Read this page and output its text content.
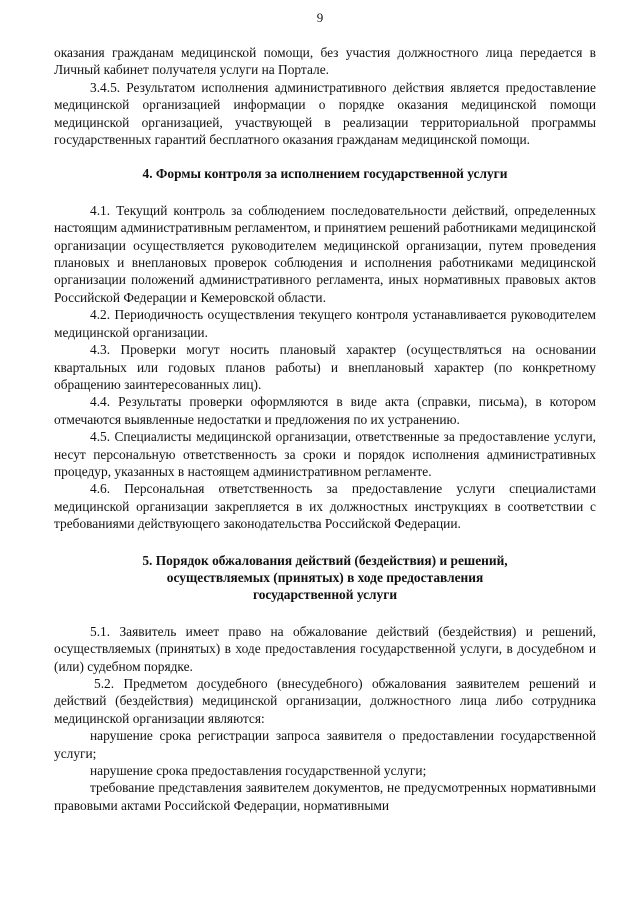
9

оказания гражданам медицинской помощи, без участия должностного лица передается в Личный кабинет получателя услуги на Портале.

3.4.5. Результатом исполнения административного действия является предоставление медицинской организацией информации о порядке оказания медицинской помощи медицинской организацией, участвующей в реализации территориальной программы государственных гарантий бесплатного оказания гражданам медицинской помощи.

4. Формы контроля за исполнением государственной услуги

4.1. Текущий контроль за соблюдением последовательности действий, определенных настоящим административным регламентом, и принятием решений работниками медицинской организации осуществляется руководителем медицинской организации, путем проведения плановых и внеплановых проверок соблюдения и исполнения работниками медицинской организации положений административного регламента, иных нормативных правовых актов Российской Федерации и Кемеровской области.

4.2. Периодичность осуществления текущего контроля устанавливается руководителем медицинской организации.

4.3. Проверки могут носить плановый характер (осуществляться на основании квартальных или годовых планов работы) и внеплановый характер (по конкретному обращению заинтересованных лиц).

4.4. Результаты проверки оформляются в виде акта (справки, письма), в котором отмечаются выявленные недостатки и предложения по их устранению.

4.5. Специалисты медицинской организации, ответственные за предоставление услуги, несут персональную ответственность за сроки и порядок исполнения административных процедур, указанных в настоящем административном регламенте.

4.6. Персональная ответственность за предоставление услуги специалистами медицинской организации закрепляется в их должностных инструкциях в соответствии с требованиями действующего законодательства Российской Федерации.

5. Порядок обжалования действий (бездействия) и решений,

осуществляемых (принятых) в ходе предоставления

государственной услуги

5.1. Заявитель имеет право на обжалование действий (бездействия) и решений, осуществляемых (принятых) в ходе предоставления государственной услуги, в досудебном и (или) судебном порядке.

5.2. Предметом досудебного (внесудебного) обжалования заявителем решений и действий (бездействия) медицинской организации, должностного лица либо сотрудника медицинской организации являются:

нарушение срока регистрации запроса заявителя о предоставлении государственной услуги;

нарушение срока предоставления государственной услуги;

требование представления заявителем документов, не предусмотренных нормативными правовыми актами Российской Федерации, нормативными
